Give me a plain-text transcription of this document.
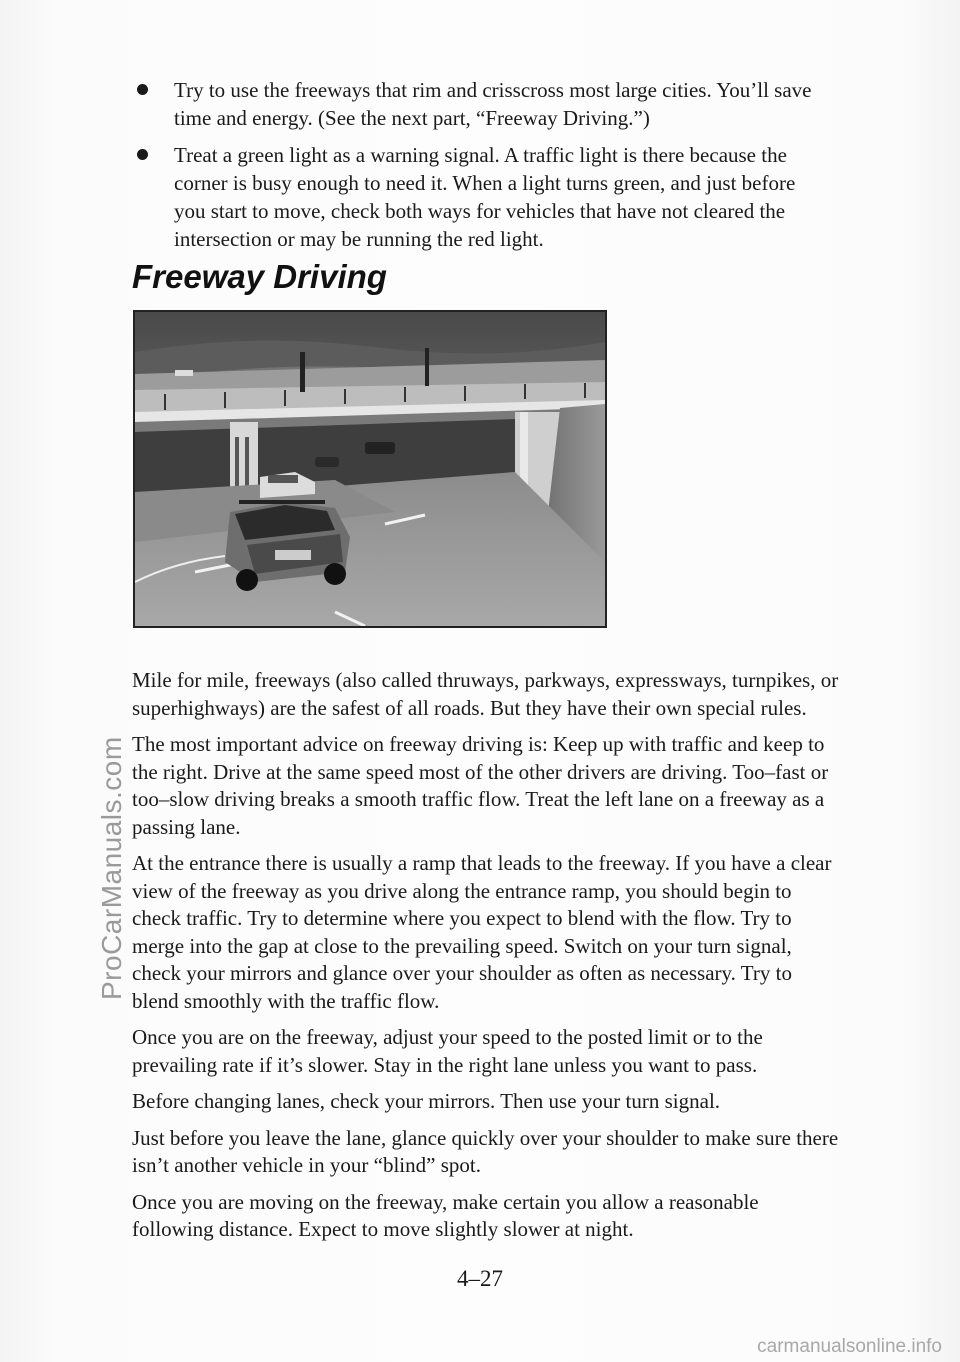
Try to use the freeways that rim and crisscross most large cities. You’ll save time and energy. (See the next part, “Freeway Driving.”)
Treat a green light as a warning signal. A traffic light is there because the corner is busy enough to need it. When a light turns green, and just before you start to move, check both ways for vehicles that have not cleared the intersection or may be running the red light.
Freeway Driving

Mile for mile, freeways (also called thruways, parkways, expressways, turnpikes, or superhighways) are the safest of all roads. But they have their own special rules.

The most important advice on freeway driving is: Keep up with traffic and keep to the right. Drive at the same speed most of the other drivers are driving. Too–fast or too–slow driving breaks a smooth traffic flow. Treat the left lane on a freeway as a passing lane.

At the entrance there is usually a ramp that leads to the freeway. If you have a clear view of the freeway as you drive along the entrance ramp, you should begin to check traffic. Try to determine where you expect to blend with the flow. Try to merge into the gap at close to the prevailing speed. Switch on your turn signal, check your mirrors and glance over your shoulder as often as necessary. Try to blend smoothly with the traffic flow.

Once you are on the freeway, adjust your speed to the posted limit or to the prevailing rate if it’s slower. Stay in the right lane unless you want to pass.

Before changing lanes, check your mirrors. Then use your turn signal.

Just before you leave the lane, glance quickly over your shoulder to make sure there isn’t another vehicle in your “blind” spot.

Once you are moving on the freeway, make certain you allow a reasonable following distance. Expect to move slightly slower at night.

4–27
ProCarManuals.com
carmanualsonline.info
